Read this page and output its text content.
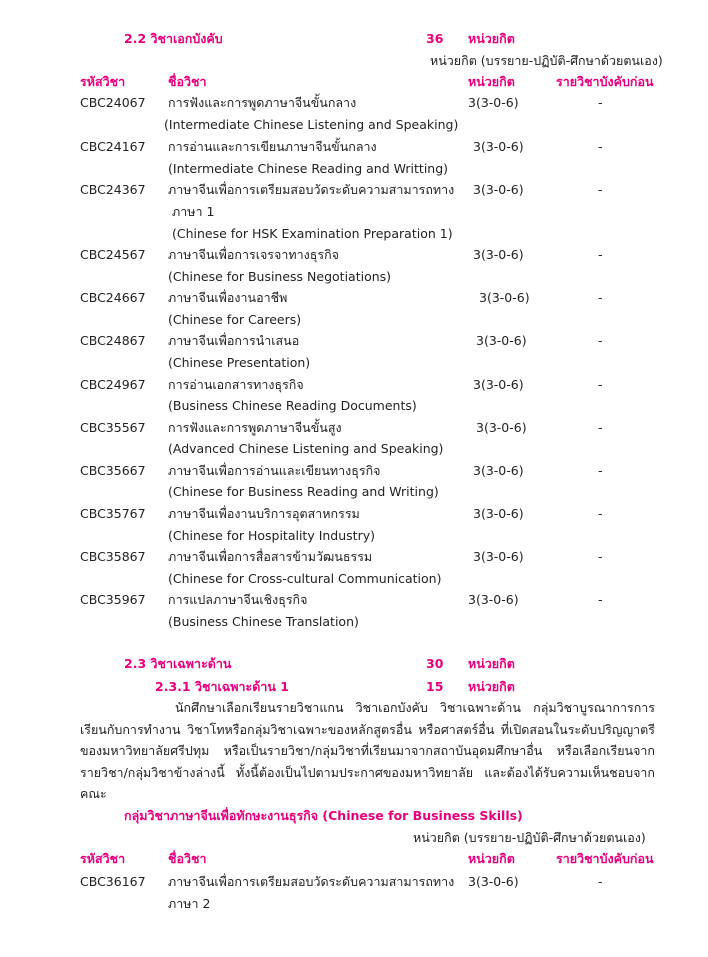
2.2 วิชาเอกบังคับ	36 หน่วยกิต
หน่วยกิต (บรรยาย-ปฏิบัติ-ศึกษาด้วยตนเอง)
รหัสวิชา	ชื่อวิชา	หน่วยกิต	รายวิชาบังคับก่อน
CBC24067 การฟังและการพูดภาษาจีนขั้นกลาง	3(3-0-6)	-
(Intermediate Chinese Listening and Speaking)
CBC24167 การอ่านและการเขียนภาษาจีนขั้นกลาง	3(3-0-6)	-
(Intermediate Chinese Reading and Writting)
CBC24367 ภาษาจีนเพื่อการเตรียมสอบวัดระดับความสามารถทาง 3(3-0-6)	-
ภาษา 1
(Chinese for HSK Examination Preparation 1)
CBC24567 ภาษาจีนเพื่อการเจรจาทางธุรกิจ	3(3-0-6)	-
(Chinese for Business Negotiations)
CBC24667 ภาษาจีนเพื่องานอาชีพ	3(3-0-6)	-
(Chinese for Careers)
CBC24867 ภาษาจีนเพื่อการนำเสนอ	3(3-0-6)	-
(Chinese Presentation)
CBC24967 การอ่านเอกสารทางธุรกิจ	3(3-0-6)	-
(Business Chinese Reading Documents)
CBC35567 การฟังและการพูดภาษาจีนขั้นสูง	3(3-0-6)	-
(Advanced Chinese Listening and Speaking)
CBC35667 ภาษาจีนเพื่อการอ่านและเขียนทางธุรกิจ	3(3-0-6)	-
(Chinese for Business Reading and Writing)
CBC35767 ภาษาจีนเพื่องานบริการอุตสาหกรรม	3(3-0-6)	-
(Chinese for Hospitality Industry)
CBC35867 ภาษาจีนเพื่อการสื่อสารข้ามวัฒนธรรม	3(3-0-6)	-
(Chinese for Cross-cultural Communication)
CBC35967 การแปลภาษาจีนเชิงธุรกิจ	3(3-0-6)	-
(Business Chinese Translation)
2.3 วิชาเฉพาะด้าน	30 หน่วยกิต
2.3.1 วิชาเฉพาะด้าน 1	15 หน่วยกิต

นักศึกษาเลือกเรียนรายวิชาแกน วิชาเอกบังคับ วิชาเฉพาะด้าน กลุ่มวิชาบูรณาการการเรียนกับการทำงาน วิชาโทหรือกลุ่มวิชาเฉพาะของหลักสูตรอื่น หรือศาสตร์อื่น ที่เปิดสอนในระดับปริญญาตรีของมหาวิทยาลัยศรีปทุม หรือเป็นรายวิชา/กลุ่มวิชาที่เรียนมาจากสถาบันอุดมศึกษาอื่น หรือเลือกเรียนจากรายวิชา/กลุ่มวิชาข้างล่างนี้ ทั้งนี้ต้องเป็นไปตามประกาศของมหาวิทยาลัย และต้องได้รับความเห็นชอบจากคณะ

กลุ่มวิชาภาษาจีนเพื่อทักษะงานธุรกิจ (Chinese for Business Skills)
หน่วยกิต (บรรยาย-ปฏิบัติ-ศึกษาด้วยตนเอง)
รหัสวิชา	ชื่อวิชา	หน่วยกิต	รายวิชาบังคับก่อน
CBC36167 ภาษาจีนเพื่อการเตรียมสอบวัดระดับความสามารถทาง 3(3-0-6)	-
ภาษา 2
